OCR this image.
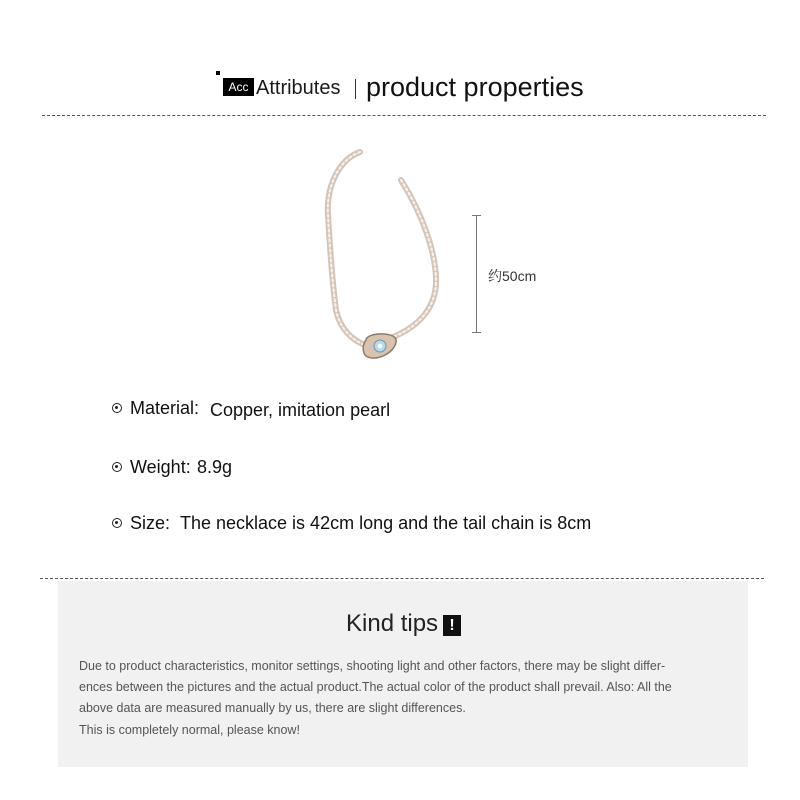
Acc Attributes product properties
约50cm
Material: Copper, imitation pearl
Weight: 8.9g
Size: The necklace is 42cm long and the tail chain is 8cm
Kind tips !
Due to product characteristics, monitor settings, shooting light and other factors, there may be slight differ-
ences between the pictures and the actual product.The actual color of the product shall prevail. Also: All the
above data are measured manually by us, there are slight differences.
This is completely normal, please know!
